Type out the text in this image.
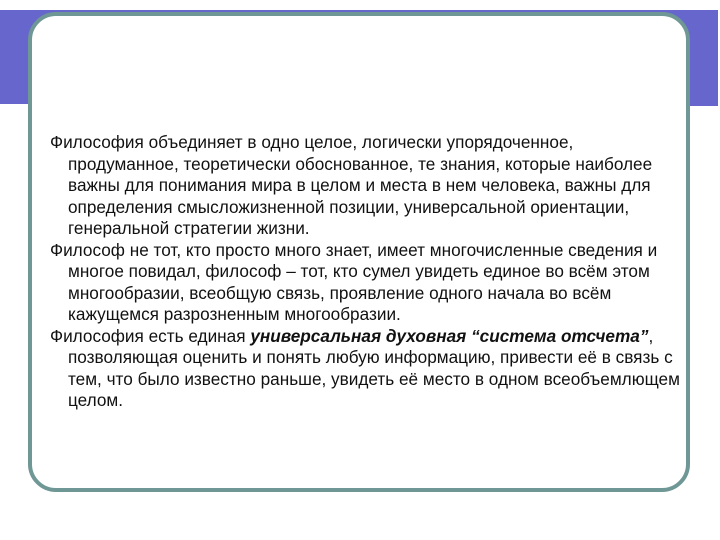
Философия объединяет в одно целое, логически упорядоченное, продуманное, теоретически обоснованное, те знания, которые наиболее важны для понимания мира в целом и места в нем человека, важны для определения смысложизненной позиции, универсальной ориентации, генеральной стратегии жизни.

Философ не тот, кто просто много знает, имеет многочисленные сведения и многое повидал, философ – тот, кто сумел увидеть единое во всём этом многообразии, всеобщую связь, проявление одного начала во всём кажущемся разрозненным многообразии.

Философия есть единая универсальная духовная “система отсчета”, позволяющая оценить и понять любую информацию, привести её в связь с тем, что было известно раньше, увидеть её место в одном всеобъемлющем целом.
